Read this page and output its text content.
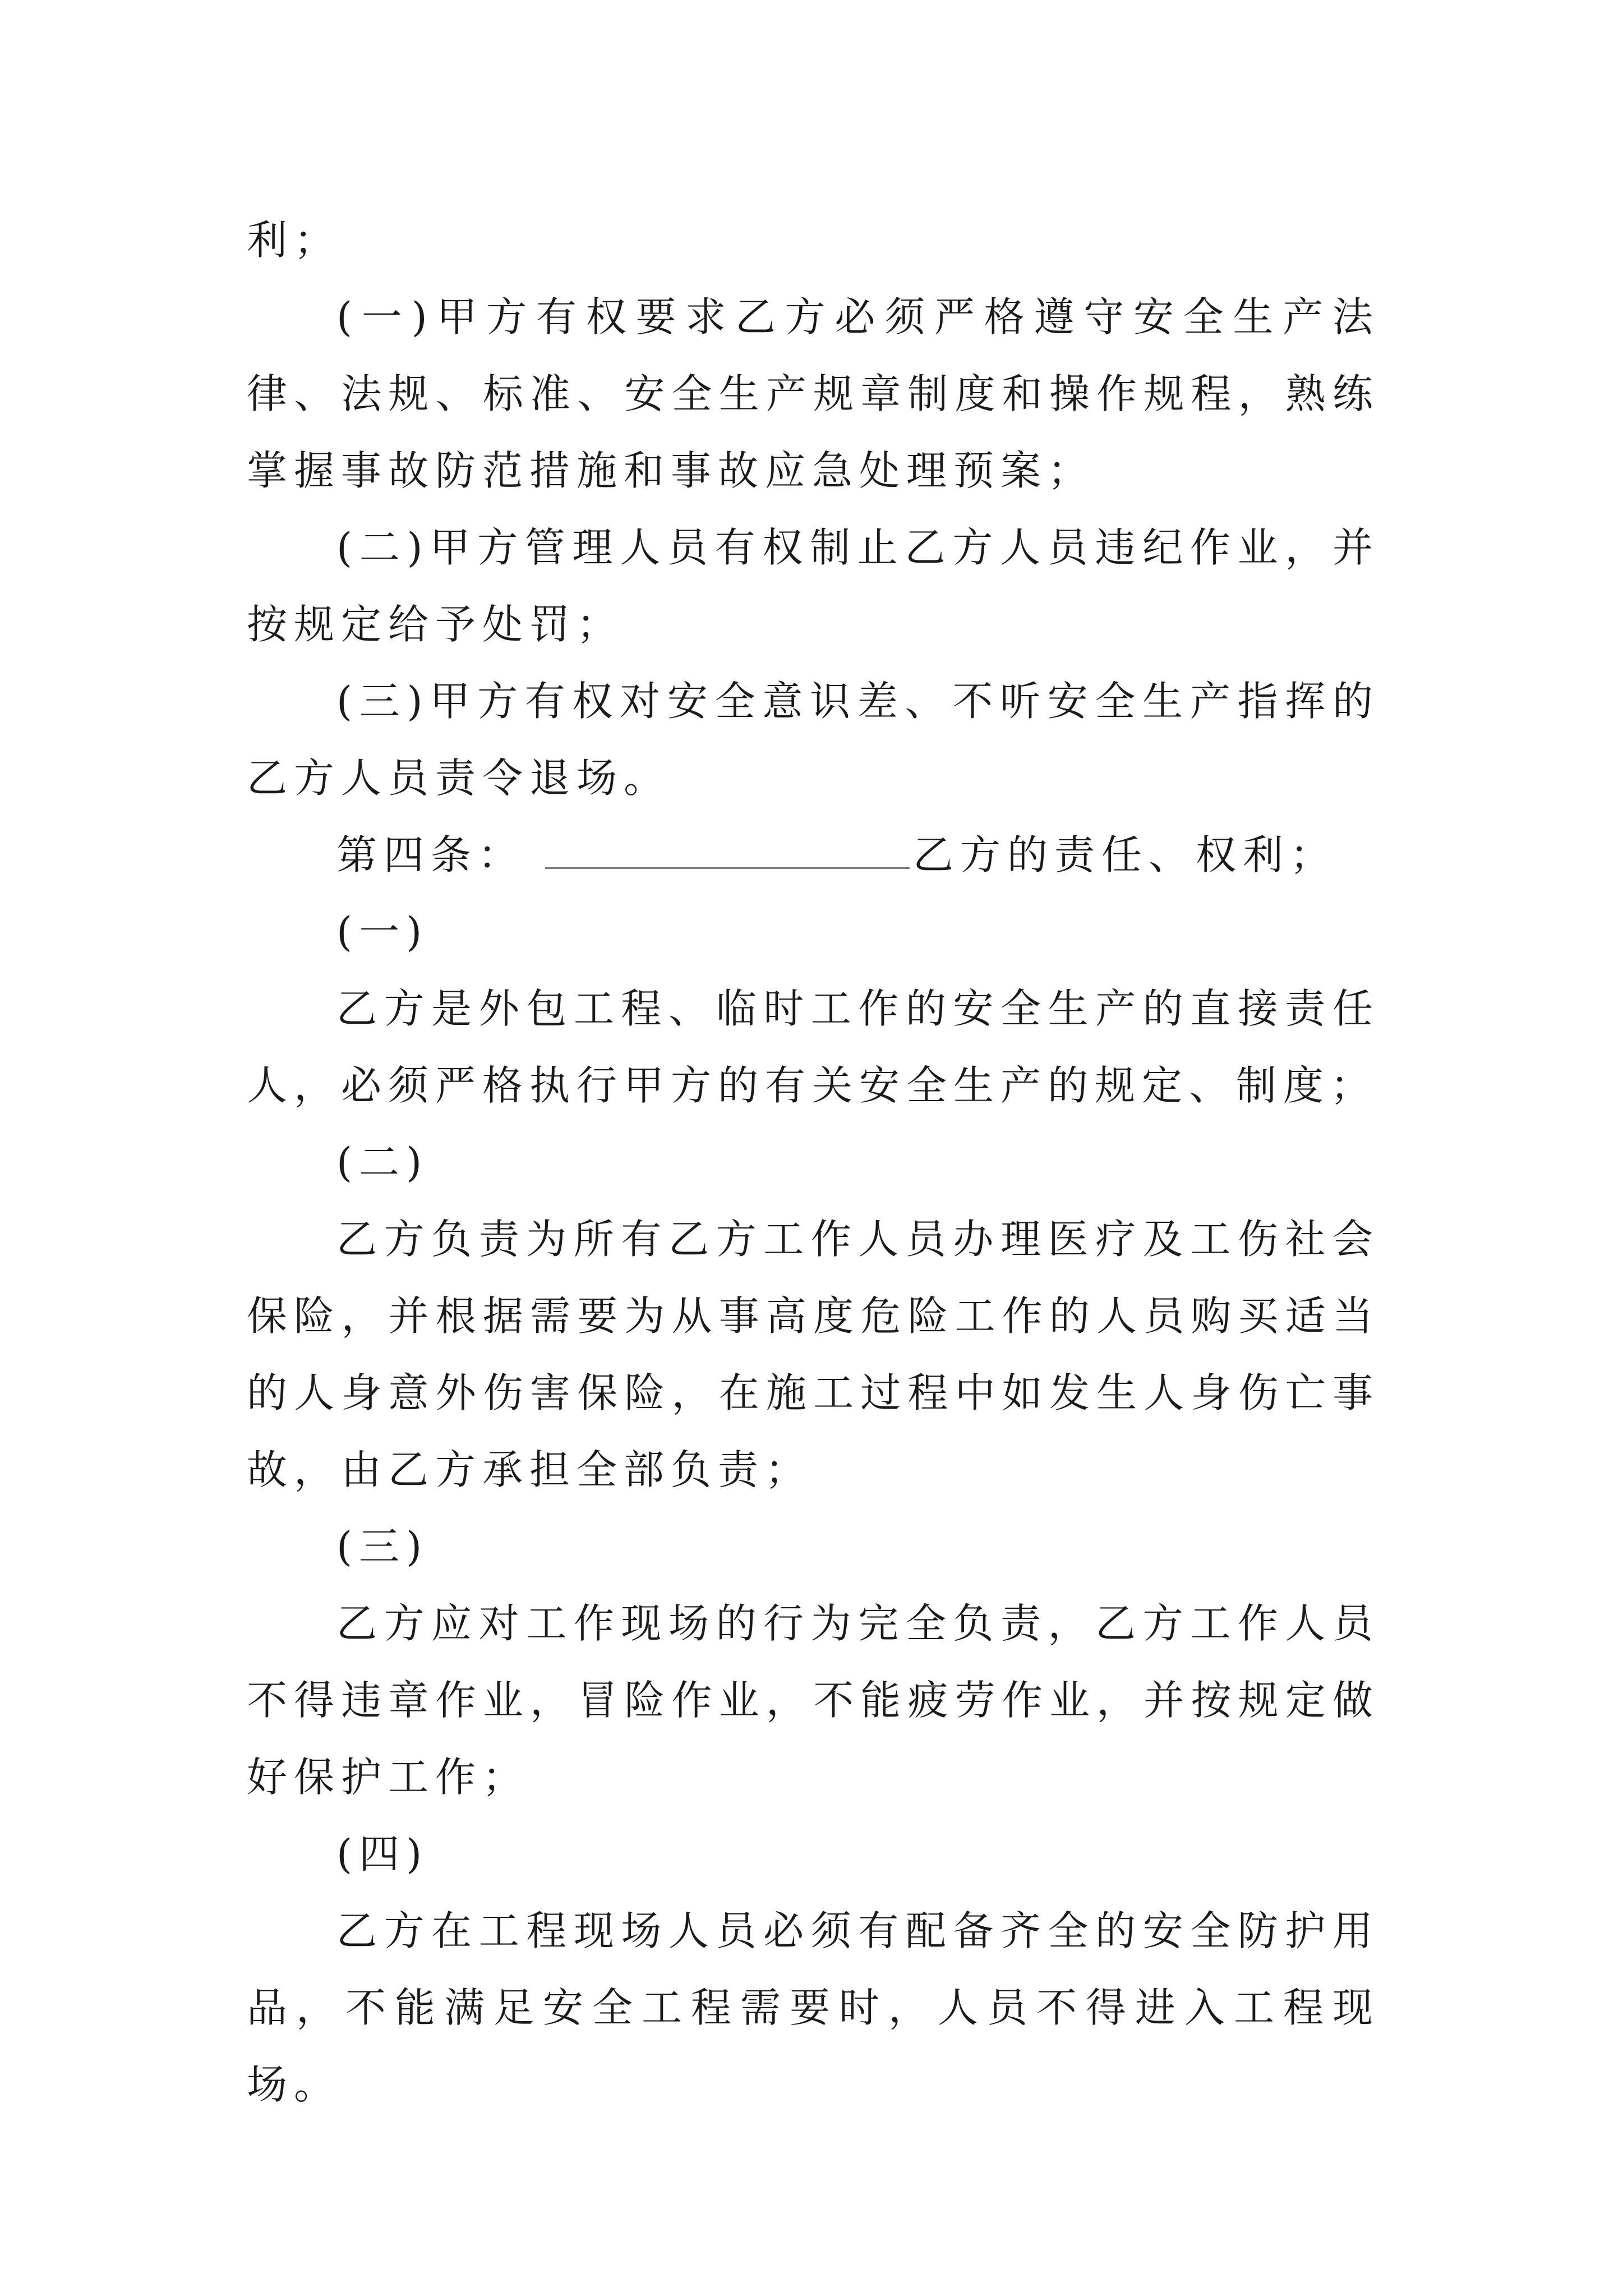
利；

(一)甲方有权要求乙方必须严格遵守安全生产法律、法规、标准、安全生产规章制度和操作规程，熟练掌握事故防范措施和事故应急处理预案；

(二)甲方管理人员有权制止乙方人员违纪作业，并按规定给予处罚；

(三)甲方有权对安全意识差、不听安全生产指挥的乙方人员责令退场。

第四条：	乙方的责任、权利；

(一)

乙方是外包工程、临时工作的安全生产的直接责任人，必须严格执行甲方的有关安全生产的规定、制度；

(二)

乙方负责为所有乙方工作人员办理医疗及工伤社会保险，并根据需要为从事高度危险工作的人员购买适当的人身意外伤害保险，在施工过程中如发生人身伤亡事故，由乙方承担全部负责；

(三)

乙方应对工作现场的行为完全负责，乙方工作人员不得违章作业，冒险作业，不能疲劳作业，并按规定做好保护工作；

(四)

乙方在工程现场人员必须有配备齐全的安全防护用品，不能满足安全工程需要时，人员不得进入工程现场。
